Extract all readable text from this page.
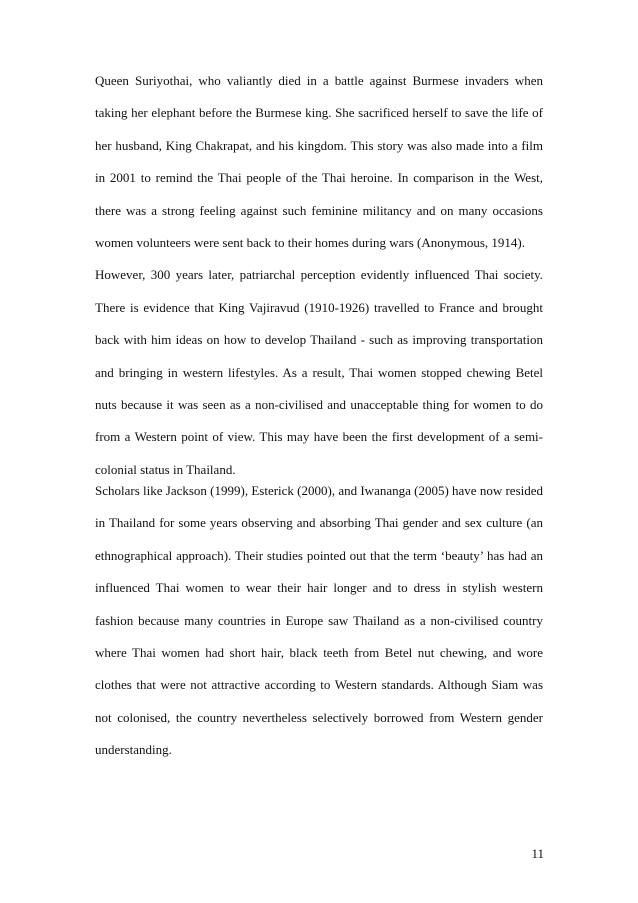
Queen Suriyothai, who valiantly died in a battle against Burmese invaders when
taking her elephant before the Burmese king. She sacrificed herself to save the life of
her husband, King Chakrapat, and his kingdom. This story was also made into a film
in 2001 to remind the Thai people of the Thai heroine. In comparison in the West,
there was a strong feeling against such feminine militancy and on many occasions
women volunteers were sent back to their homes during wars (Anonymous, 1914).
However, 300 years later, patriarchal perception evidently influenced Thai society.
There is evidence that King Vajiravud (1910-1926) travelled to France and brought
back with him ideas on how to develop Thailand - such as improving transportation
and bringing in western lifestyles. As a result, Thai women stopped chewing Betel
nuts because it was seen as a non-civilised and unacceptable thing for women to do
from a Western point of view. This may have been the first development of a semi-
colonial status in Thailand.

Scholars like Jackson (1999), Esterick (2000), and Iwananga (2005) have now resided
in Thailand for some years observing and absorbing Thai gender and sex culture (an
ethnographical approach). Their studies pointed out that the term ‘beauty’ has had an
influenced Thai women to wear their hair longer and to dress in stylish western
fashion because many countries in Europe saw Thailand as a non-civilised country
where Thai women had short hair, black teeth from Betel nut chewing, and wore
clothes that were not attractive according to Western standards. Although Siam was
not colonised, the country nevertheless selectively borrowed from Western gender
understanding.

11
